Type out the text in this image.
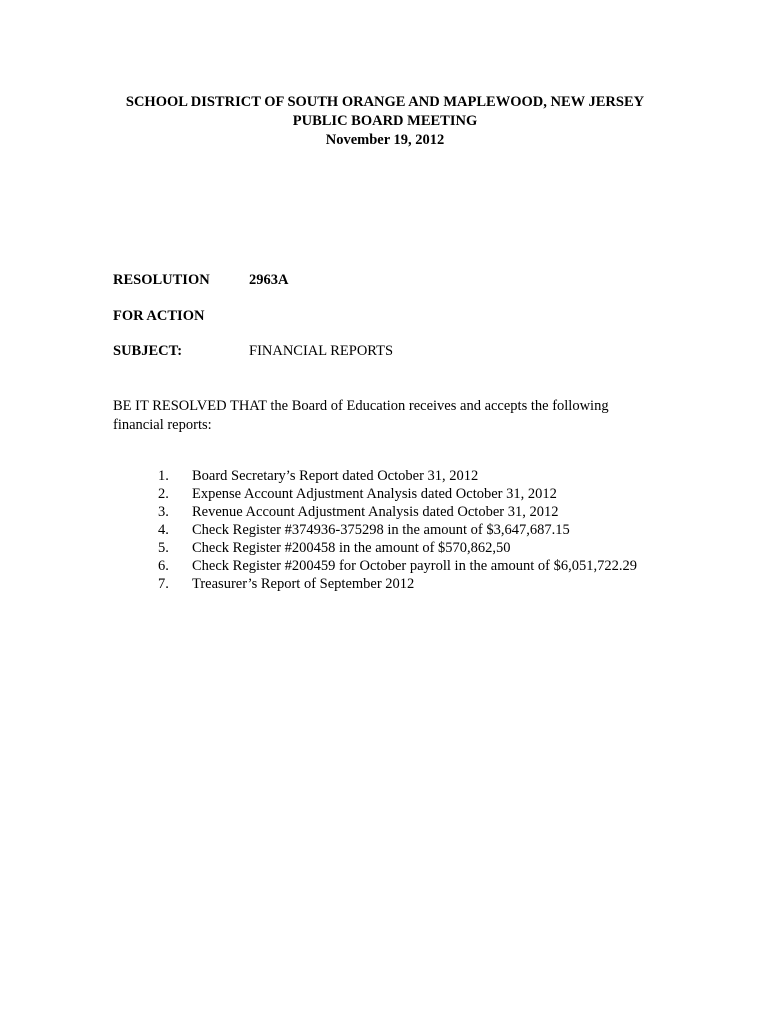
SCHOOL DISTRICT OF SOUTH ORANGE AND MAPLEWOOD, NEW JERSEY
PUBLIC BOARD MEETING
November 19, 2012
RESOLUTION	2963A
FOR ACTION
SUBJECT:	FINANCIAL REPORTS
BE IT RESOLVED THAT the Board of Education receives and accepts the following financial reports:
1.	Board Secretary’s Report dated October 31, 2012
2.	Expense Account Adjustment Analysis dated October 31, 2012
3.	Revenue Account Adjustment Analysis dated October 31, 2012
4.	Check Register #374936-375298 in the amount of $3,647,687.15
5.	Check Register #200458 in the amount of $570,862,50
6.	Check Register #200459 for October payroll in the amount of $6,051,722.29
7.	Treasurer’s Report of September 2012
